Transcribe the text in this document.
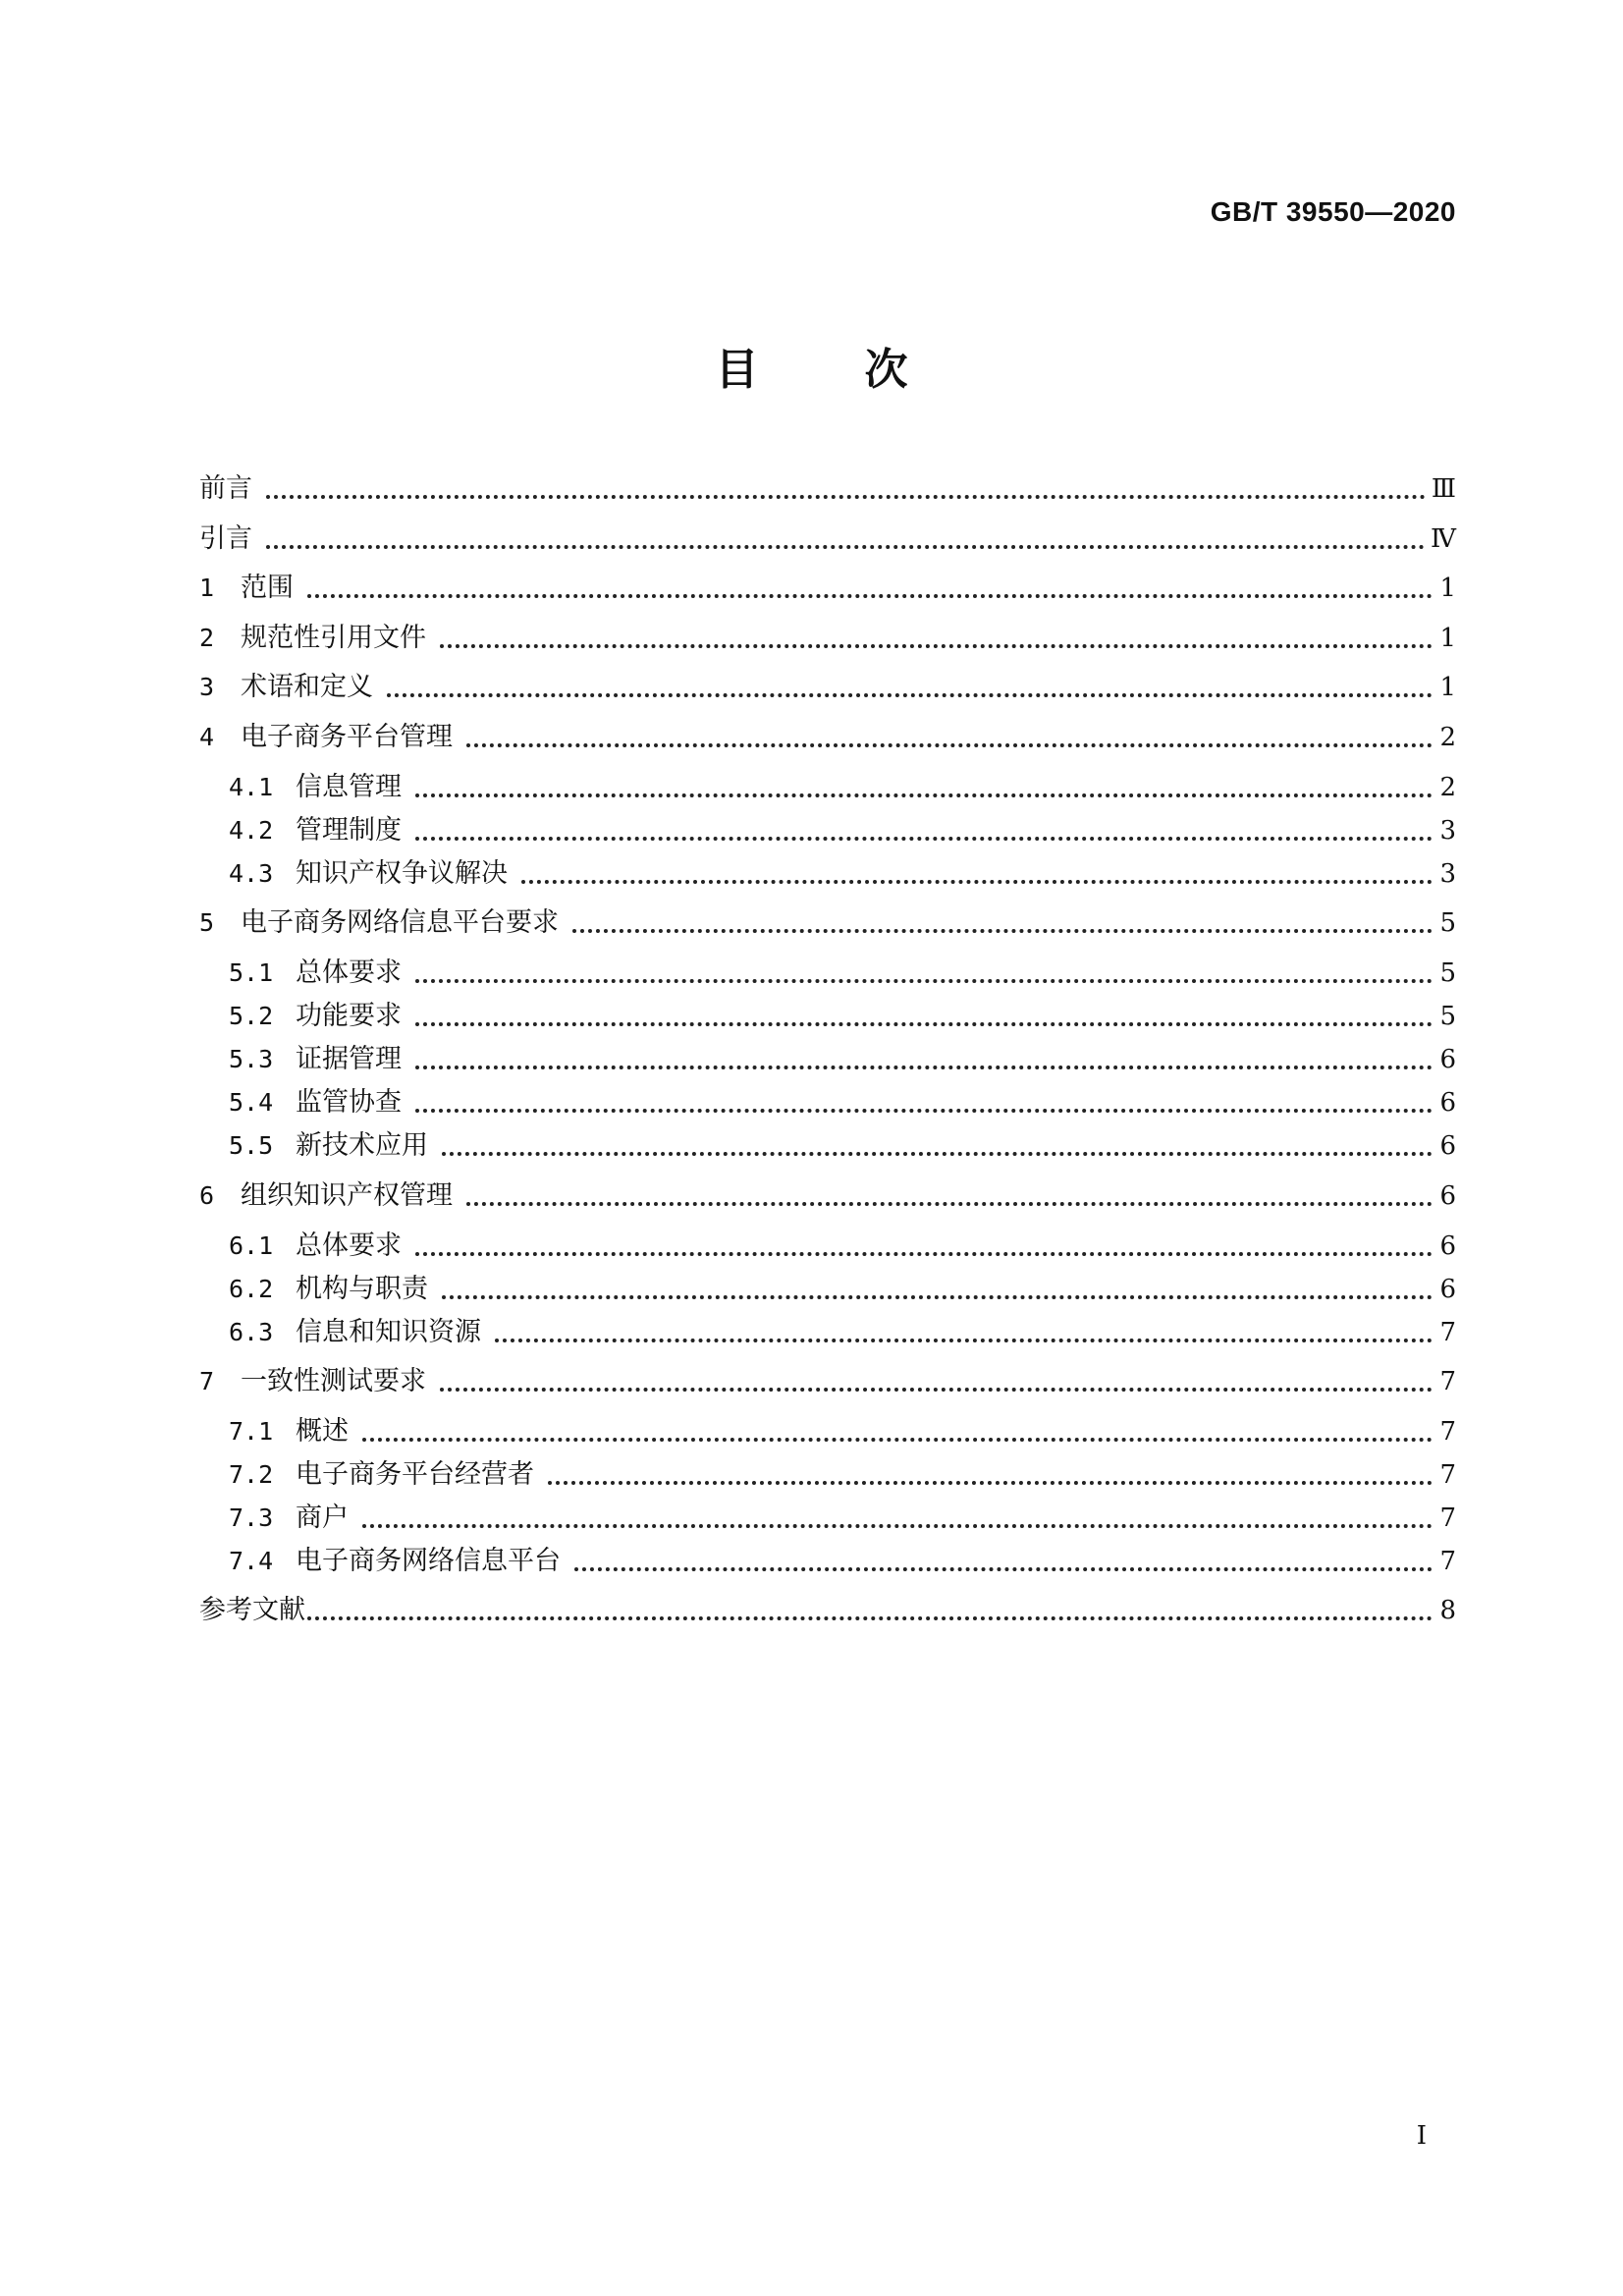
GB/T 39550—2020
目 次
前言	Ⅲ
引言	Ⅳ
1 范围	1
2 规范性引用文件	1
3 术语和定义	1
4 电子商务平台管理	2
4.1 信息管理	2
4.2 管理制度	3
4.3 知识产权争议解决	3
5 电子商务网络信息平台要求	5
5.1 总体要求	5
5.2 功能要求	5
5.3 证据管理	6
5.4 监管协查	6
5.5 新技术应用	6
6 组织知识产权管理	6
6.1 总体要求	6
6.2 机构与职责	6
6.3 信息和知识资源	7
7 一致性测试要求	7
7.1 概述	7
7.2 电子商务平台经营者	7
7.3 商户	7
7.4 电子商务网络信息平台	7
参考文献	8
I
